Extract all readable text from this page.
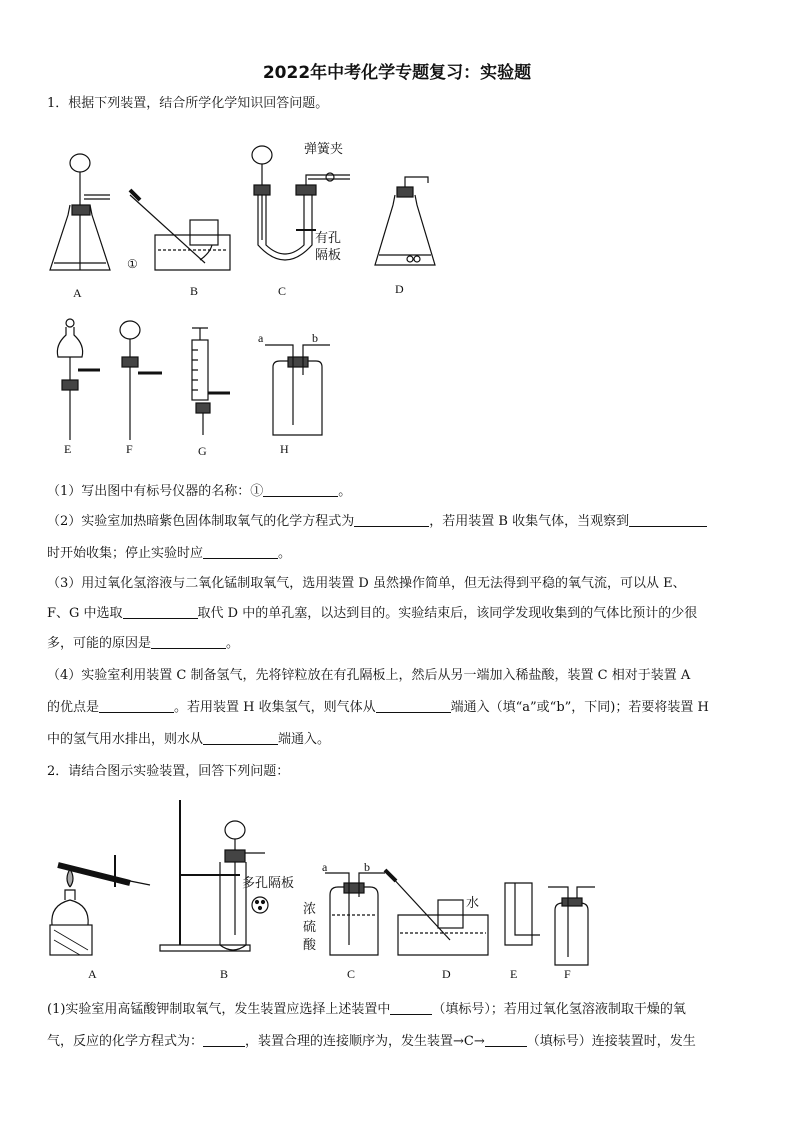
2022年中考化学专题复习：实验题
1．根据下列装置，结合所学化学知识回答问题。
A	B	C	D
E	F	G	H
弹簧夹
有孔
隔板
①
a	b
（1）写出图中有标号仪器的名称：①	。
（2）实验室加热暗紫色固体制取氧气的化学方程式为	，若用装置 B 收集气体，当观察到
时开始收集；停止实验时应	。
（3）用过氧化氢溶液与二氧化锰制取氧气，选用装置 D 虽然操作简单，但无法得到平稳的氧气流，可以从 E、
F、G 中选取	取代 D 中的单孔塞，以达到目的。实验结束后，该同学发现收集到的气体比预计的少很
多，可能的原因是	。
（4）实验室利用装置 C 制备氢气，先将锌粒放在有孔隔板上，然后从另一端加入稀盐酸，装置 C 相对于装置 A
的优点是	。若用装置 H 收集氢气，则气体从	端通入（填“a”或“b”，下同)；若要将装置 H
中的氢气用水排出，则水从	端通入。
2．请结合图示实验装置，回答下列问题：
A	B	C	D	E	F
多孔隔板
浓
硫
酸
水
a	b
(1)实验室用高锰酸钾制取氧气，发生装置应选择上述装置中	（填标号）；若用过氧化氢溶液制取干燥的氧
气，反应的化学方程式为：	，装置合理的连接顺序为，发生装置→C→	（填标号）连接装置时，发生
